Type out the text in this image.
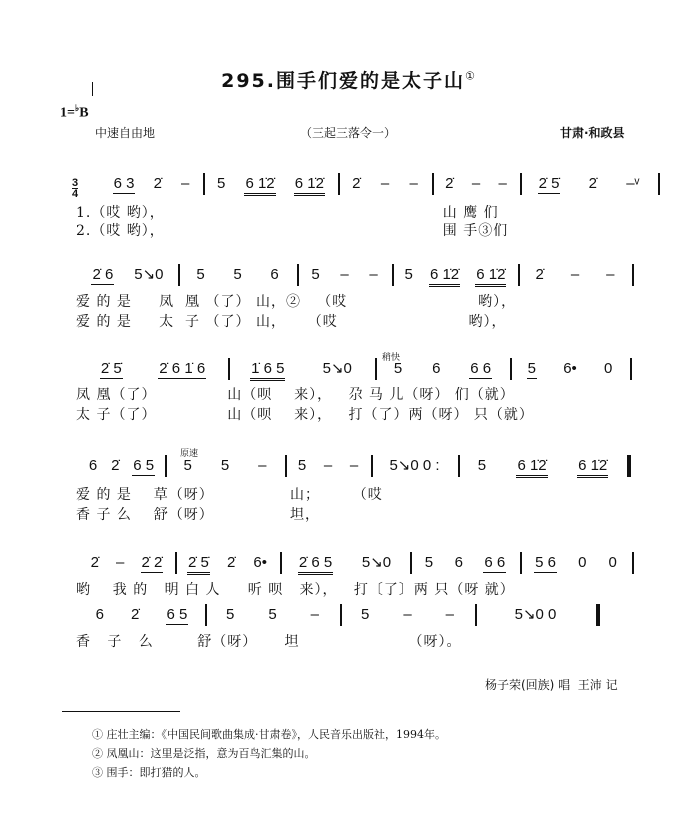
295.围手们爱的是太子山①
1=♭B
中速自由地	（三起三落令一）	甘肃·和政县
3
4
稍快
原速
6 3 2̇ – 5 6 1̇2̇ 6 1̇2̇ 2̇ – – 2̇ – – 2̇ 5̇ 2̇ –ᵛ
1.（哎 哟），                                                   山 鹰 们
2.（哎 哟），                                                   围 手③们
2̇ 6 5↘0 5 5 6 5 – – 5 6 1̇2̇ 6 1̇2̇ 2̇ – –
爱 的 是     凤  凰 （了） 山，②   （哎                        哟），
爱 的 是     太  子 （了） 山，    （哎                        哟），
2̇ 5̇	2̇ 6 1̇ 6	1̇ 6 5	5↘0	5 6 6 6 5 6• 0
凤 凰（了）             山（呗    来），   尕 马 儿（呀） 们（就）
太 子（了）             山（呗    来），   打（了）两（呀） 只（就）
6 2̇ 6 5 5 5 – 5 – – 5↘0 0 :	5 6 1̇2̇ 6 1̇2̇
爱 的 是    草（呀）              山；      （哎
香 子 么    舒（呀）              坦，
2̇ – 2̇ 2̇ 2̇ 5̇ 2̇ 6• 2̇ 6 5 5↘0 5 6 6 6 5 6 0 0
哟    我 的   明 白 人     听 呗   来），   打〔了〕两 只（呀 就）
6 2̇ 6 5	5 5 –	5 – –	5↘0 0
香   子   么        舒（呀）     坦                    （呀）。
杨子荣(回族) 唱  王沛 记
① 庄壮主编：《中国民间歌曲集成·甘肃卷》，人民音乐出版社，1994年。
② 凤凰山：这里是泛指，意为百鸟汇集的山。
③ 围手：即打猎的人。
